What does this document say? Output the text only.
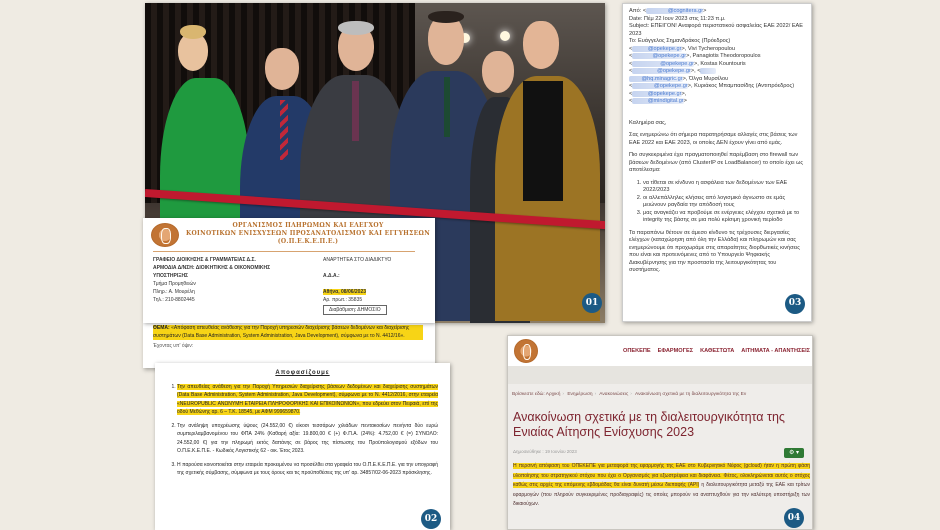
01
ΟΡΓΑΝΙΣΜΟΣ ΠΛΗΡΩΜΩΝ ΚΑΙ ΕΛΕΓΧΟΥ
ΚΟΙΝΟΤΙΚΩΝ ΕΝΙΣΧΥΣΕΩΝ ΠΡΟΣΑΝΑΤΟΛΙΣΜΟΥ ΚΑΙ ΕΓΓΥΗΣΕΩΝ
(Ο.Π.Ε.Κ.Ε.Π.Ε.)
ΓΡΑΦΕΙΟ ΔΙΟΙΚΗΣΗΣ & ΓΡΑΜΜΑΤΕΙΑΣ Δ.Σ.
ΑΡΜΟΔΙΑ Δ/ΝΣΗ: ΔΙΟΙΚΗΤΙΚΗΣ & ΟΙΚΟΝΟΜΙΚΗΣ
ΥΠΟΣΤΗΡΙΞΗΣ
Τμήμα Προμηθειών
Πληρ.: Α. Μουρέλη
Τηλ.: 210-8802445
ΑΝΑΡΤΗΤΕΑ ΣΤΟ ΔΙΑΔΙΚΤΥΟ

Α.Δ.Α.:

Αθήνα, 08/06/2023
Αρ. πρωτ.: 35835
Διαβάθμιση: ΔΗΜΟΣΙΟ
ΘΕΜΑ: «Απόφαση απευθείας ανάθεσης για την Παροχή υπηρεσιών διαχείρισης βάσεων δεδομένων και διαχείρισης συστημάτων (Data Base Administration, System Administration, Java Development), σύμφωνα με το Ν. 4412/16».
Έχοντας υπ' όψιν:
Αποφασίζουμε
1. Την απευθείας ανάθεση για την Παροχή Υπηρεσιών διαχείρισης βάσεων δεδομένων και διαχείρισης συστημάτων (Data Base Administration, System Administration, Java Development), σύμφωνα με το Ν. 4412/2016, στην εταιρεία «NEUROPUBLIC ΑΝΩΝΥΜΗ ΕΤΑΙΡΕΙΑ ΠΛΗΡΟΦΟΡΙΚΗΣ ΚΑΙ ΕΠΙΚΟΙΝΩΝΙΩΝ», που εδρεύει στον Πειραιά, επί της οδού Μεθώνης αρ. 6 – Τ.Κ. 18545, με ΑΦΜ 999659870.
2. Την ανάληψη υποχρέωσης ύψους (24.552,00 €) είκοσι τεσσάρων χιλιάδων πεντακοσίων πενήντα δύο ευρώ συμπεριλαμβανομένου του ΦΠΑ 24% (Καθαρή αξία: 19.800,00 € (+) Φ.Π.Α. (24%): 4.752,00 € (=) ΣΥΝΟΛΟ: 24.552,00 €) για την πληρωμή εκτός δαπάνης σε βάρος της πίστωσης του Προϋπολογισμού εξόδων του Ο.Π.Ε.Κ.Ε.Π.Ε. - Κωδικός Λογιστικής 62 - οικ. Έτος 2023.
3. Η παρούσα κοινοποιείται στην εταιρεία προκειμένου να προσέλθει στα γραφεία του Ο.Π.Ε.Κ.Ε.Π.Ε. για την υπογραφή της σχετικής σύμβασης, σύμφωνα με τους όρους και τις προϋποθέσεις της υπ' αρ. 34857/02-06-2023 πρόσκλησης.
02
Από: <	@cognitera.gr>
Date: Πέμ 22 Ιουν 2023 στις 11:23 π.μ.
Subject: ΕΠΕΙΓΟΝ! Αναφορά περιστατικού ασφαλείας ΕΑΕ 2022/ ΕΑΕ 2023
To: Ευάγγελος Σημανδράκος (Πρόεδρος)
<	@opekepe.gr>, Vivi Tycheropoulou
<	@opekepe.gr>, Panagiotis Theodoropoulos
<	@opekepe.gr>, Kostas Kountouris
<	@opekepe.gr>, <
@hq.minagric.gr>, Όλγα Μυρσίλου
<	@opekepe.gr>, Κυριάκος Μπαμπασίδης (Αντιπρόεδρος) <	@opekepe.gr>,
<	@mindigital.gr>

Καλημέρα σας,

Σας ενημερώνω ότι σήμερα παρατηρήσαμε αλλαγές στις βάσεις των ΕΑΕ 2022 και ΕΑΕ 2023, οι οποίες ΔΕΝ έχουν γίνει από εμάς.

Πιο συγκεκριμένα έχει πραγματοποιηθεί παρέμβαση στο firewall των βάσεων δεδομένων (από ClusterIP σε LoadBalancer) το οποίο έχει ως αποτέλεσμα:

1. να τίθεται σε κίνδυνο η ασφάλεια των δεδομένων των ΕΑΕ 2022/2023
2. οι αλλεπάλληλες κλήσεις από λογισμικό άγνωστο σε εμάς μειώνουν ραγδαία την απόδοσή τους
3. μας αναγκάζει να προβούμε σε ενέργειες ελέγχου σχετικά με το integrity της βάσης σε μια πολύ κρίσιμη χρονική περίοδο

Τα παραπάνω θέτουν σε άμεσο κίνδυνο τις τρέχουσες διεργασίες ελέγχων (καταχώρηση από όλη την Ελλάδα) και πληρωμών και σας ενημερώνουμε ότι προχωράμε στις απαραίτητες διορθωτικές κινήσεις που είναι και προτεινόμενες από το Υπουργείο Ψηφιακής Διακυβέρνησης για την προστασία της λειτουργικότητας του συστήματος.

03
ΟΠΕΚΕΠΕ ΕΦΑΡΜΟΓΕΣ ΚΑΘΕΣΤΩΤΑ ΑΙΤΗΜΑΤΑ - ΑΠΑΝΤΗΣΕΙΣ
Βρίσκεστε εδώ: Αρχική › Ενημέρωση › Ανακοινώσεις › Ανακοίνωση σχετικά με τη διαλειτουργικότητα της Εν
Ανακοίνωση σχετικά με τη διαλειτουργικότητα της Ενιαίας Αίτησης Ενίσχυσης 2023
Δημοσιεύθηκε : 19 Ιουνίου 2023	⚙ ▾
Η περσινή απόφαση του ΟΠΕΚΕΠΕ για μεταφορά της εφαρμογής της ΕΑΕ στο Κυβερνητικό Νέφος (gcloud) ήταν η πρώτη φάση υλοποίησης του στρατηγικού στόχου που έχει ο Οργανισμός για εξωστρέφεια και διαφάνεια. Φέτος, ολοκληρώνεται αυτός ο στόχος καθώς στις αρχές της επόμενης εβδομάδας θα είναι δυνατή μέσω διεπαφής (API) η διαλειτουργικότητα μεταξύ της ΕΑΕ και τρίτων εφαρμογών (που πληρούν συγκεκριμένες προδιαγραφές) τις οποίες μπορούν να αναπτυχθούν για την καλύτερη υποστήριξη των δικαιούχων.
04
